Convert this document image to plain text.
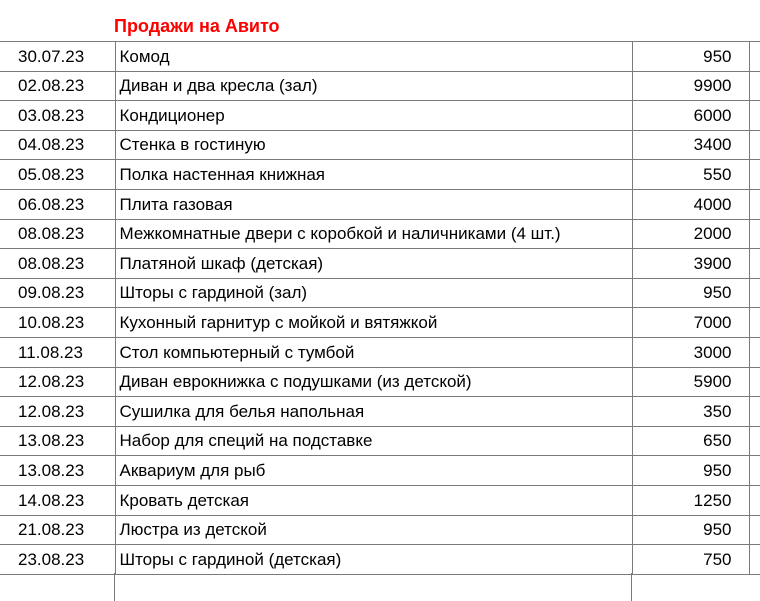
Продажи на Авито
30.07.23	Комод	950	
02.08.23	Диван и два кресла (зал)	9900	
03.08.23	Кондиционер	6000	
04.08.23	Стенка в гостиную	3400	
05.08.23	Полка настенная книжная	550	
06.08.23	Плита газовая	4000	
08.08.23	Межкомнатные двери с коробкой и наличниками (4 шт.)	2000	
08.08.23	Платяной шкаф (детская)	3900	
09.08.23	Шторы с гардиной (зал)	950	
10.08.23	Кухонный гарнитур с мойкой и вятяжкой	7000	
11.08.23	Стол компьютерный с тумбой	3000	
12.08.23	Диван еврокнижка с подушками (из детской)	5900	
12.08.23	Сушилка для белья напольная	350	
13.08.23	Набор для специй на подставке	650	
13.08.23	Аквариум для рыб	950	
14.08.23	Кровать детская	1250	
21.08.23	Люстра из детской	950	
23.08.23	Шторы с гардиной (детская)	750	
